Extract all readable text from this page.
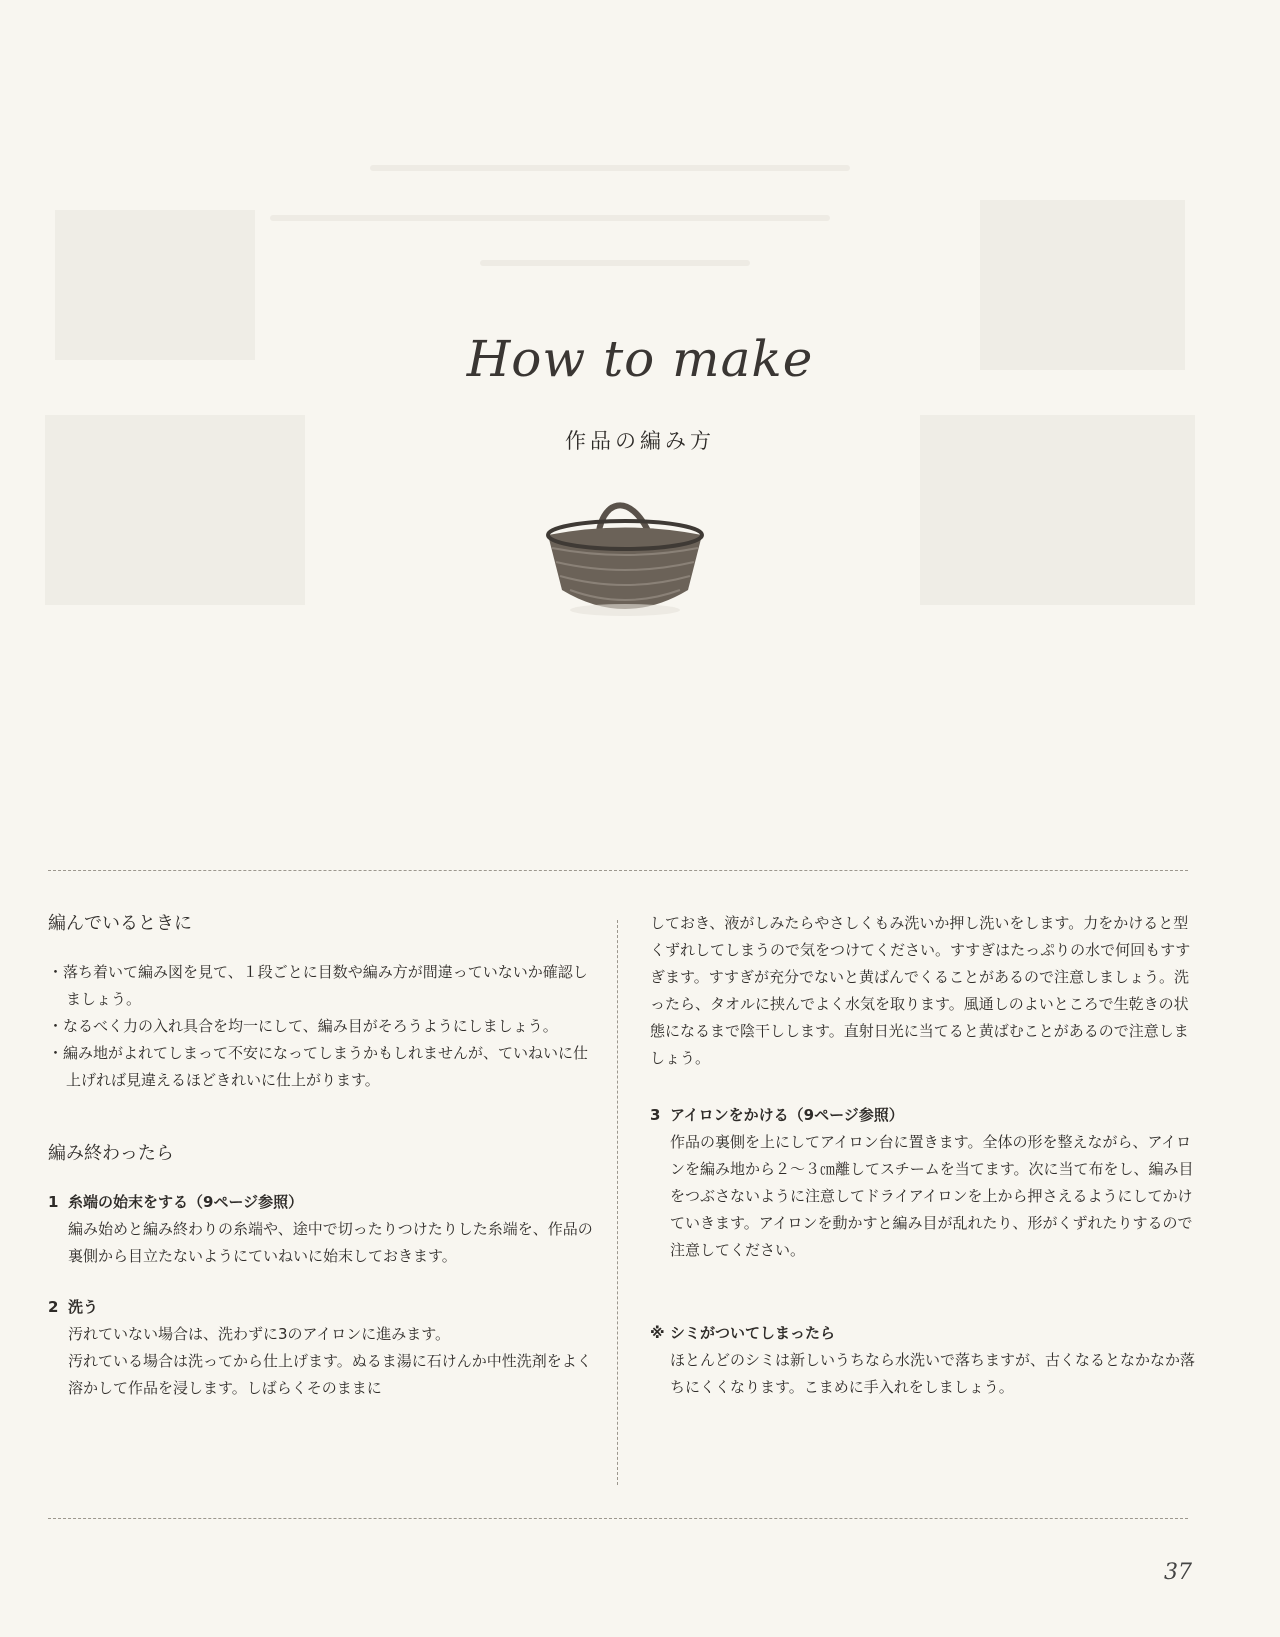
How to make
作品の編み方

編んでいるときに

・落ち着いて編み図を見て、１段ごとに目数や編み方が間違っていないか確認しましょう。

・なるべく力の入れ具合を均一にして、編み目がそろうようにしましょう。

・編み地がよれてしまって不安になってしまうかもしれませんが、ていねいに仕上げれば見違えるほどきれいに仕上がります。

編み終わったら

1 糸端の始末をする（9ページ参照）

編み始めと編み終わりの糸端や、途中で切ったりつけたりした糸端を、作品の裏側から目立たないようにていねいに始末しておきます。

2 洗う

汚れていない場合は、洗わずに3のアイロンに進みます。

汚れている場合は洗ってから仕上げます。ぬるま湯に石けんか中性洗剤をよく溶かして作品を浸します。しばらくそのままに

しておき、液がしみたらやさしくもみ洗いか押し洗いをします。力をかけると型くずれしてしまうので気をつけてください。すすぎはたっぷりの水で何回もすすぎます。すすぎが充分でないと黄ばんでくることがあるので注意しましょう。洗ったら、タオルに挟んでよく水気を取ります。風通しのよいところで生乾きの状態になるまで陰干しします。直射日光に当てると黄ばむことがあるので注意しましょう。

3 アイロンをかける（9ページ参照）

作品の裏側を上にしてアイロン台に置きます。全体の形を整えながら、アイロンを編み地から２～３㎝離してスチームを当てます。次に当て布をし、編み目をつぶさないように注意してドライアイロンを上から押さえるようにしてかけていきます。アイロンを動かすと編み目が乱れたり、形がくずれたりするので注意してください。

※ シミがついてしまったら

ほとんどのシミは新しいうちなら水洗いで落ちますが、古くなるとなかなか落ちにくくなります。こまめに手入れをしましょう。

37
